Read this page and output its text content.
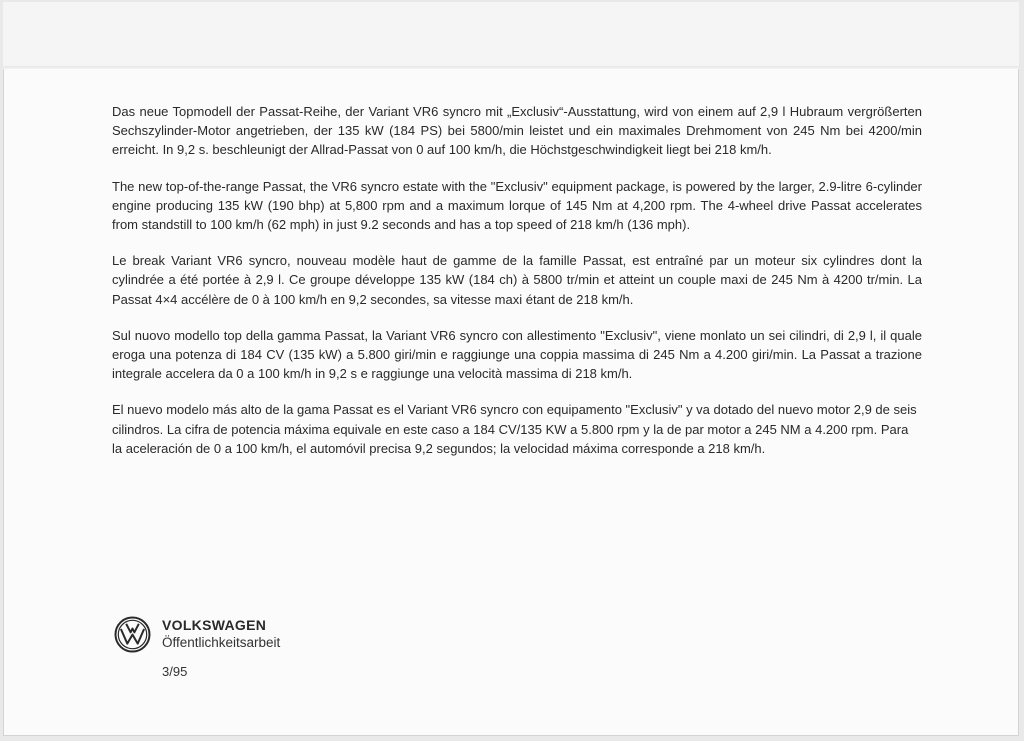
Das neue Topmodell der Passat-Reihe, der Variant VR6 syncro mit „Exclusiv“-Ausstattung, wird von einem auf 2,9 l Hubraum vergrößerten Sechszylinder-Motor angetrieben, der 135 kW (184 PS) bei 5800/min leistet und ein maximales Drehmoment von 245 Nm bei 4200/min erreicht. In 9,2 s. beschleunigt der Allrad-Passat von 0 auf 100 km/h, die Höchstgeschwindigkeit liegt bei 218 km/h.

The new top-of-the-range Passat, the VR6 syncro estate with the "Exclusiv" equipment package, is powered by the larger, 2.9-litre 6-cylinder engine producing 135 kW (190 bhp) at 5,800 rpm and a maximum lorque of 145 Nm at 4,200 rpm. The 4-wheel drive Passat accelerates from standstill to 100 km/h (62 mph) in just 9.2 seconds and has a top speed of 218 km/h (136 mph).

Le break Variant VR6 syncro, nouveau modèle haut de gamme de la famille Passat, est entraîné par un moteur six cylindres dont la cylindrée a été portée à 2,9 l. Ce groupe développe 135 kW (184 ch) à 5800 tr/min et atteint un couple maxi de 245 Nm à 4200 tr/min. La Passat 4×4 accélère de 0 à 100 km/h en 9,2 secondes, sa vitesse maxi étant de 218 km/h.

Sul nuovo modello top della gamma Passat, la Variant VR6 syncro con allestimento "Exclusiv", viene monlato un sei cilindri, di 2,9 l, il quale eroga una potenza di 184 CV (135 kW) a 5.800 giri/min e raggiunge una coppia massima di 245 Nm a 4.200 giri/min. La Passat a trazione integrale accelera da 0 a 100 km/h in 9,2 s e raggiunge una velocità massima di 218 km/h.

El nuevo modelo más alto de la gama Passat es el Variant VR6 syncro con equipamento "Exclusiv" y va dotado del nuevo motor 2,9 de seis cilindros. La cifra de potencia máxima equivale en este caso a 184 CV/135 KW a 5.800 rpm y la de par motor a 245 NM a 4.200 rpm. Para la aceleración de 0 a 100 km/h, el automóvil precisa 9,2 segundos; la velocidad máxima corresponde a 218 km/h.

VOLKSWAGEN
Öffentlichkeitsarbeit
3/95
